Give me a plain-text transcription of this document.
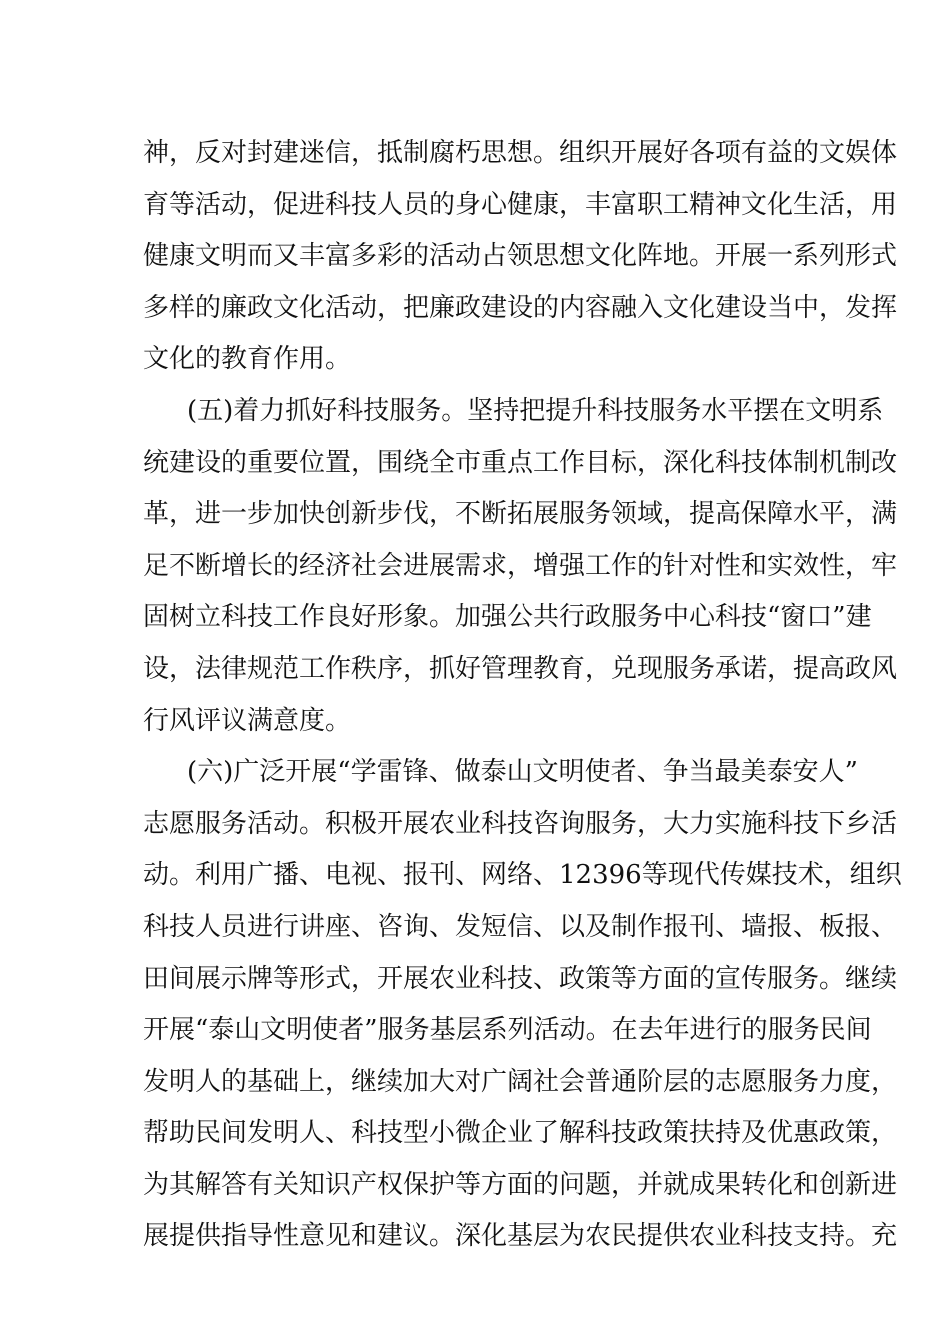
神，反对封建迷信，抵制腐朽思想。组织开展好各项有益的文娱体
育等活动，促进科技人员的身心健康，丰富职工精神文化生活，用
健康文明而又丰富多彩的活动占领思想文化阵地。开展一系列形式
多样的廉政文化活动，把廉政建设的内容融入文化建设当中，发挥
文化的教育作用。
(五)着力抓好科技服务。坚持把提升科技服务水平摆在文明系
统建设的重要位置，围绕全市重点工作目标，深化科技体制机制改
革，进一步加快创新步伐，不断拓展服务领域，提高保障水平，满
足不断增长的经济社会进展需求，增强工作的针对性和实效性，牢
固树立科技工作良好形象。加强公共行政服务中心科技“窗口”建
设，法律规范工作秩序，抓好管理教育，兑现服务承诺，提高政风
行风评议满意度。
(六)广泛开展“学雷锋、做泰山文明使者、争当最美泰安人”
志愿服务活动。积极开展农业科技咨询服务，大力实施科技下乡活
动。利用广播、电视、报刊、网络、12396等现代传媒技术，组织
科技人员进行讲座、咨询、发短信、以及制作报刊、墙报、板报、
田间展示牌等形式，开展农业科技、政策等方面的宣传服务。继续
开展“泰山文明使者”服务基层系列活动。在去年进行的服务民间
发明人的基础上，继续加大对广阔社会普通阶层的志愿服务力度，
帮助民间发明人、科技型小微企业了解科技政策扶持及优惠政策，
为其解答有关知识产权保护等方面的问题，并就成果转化和创新进
展提供指导性意见和建议。深化基层为农民提供农业科技支持。充
